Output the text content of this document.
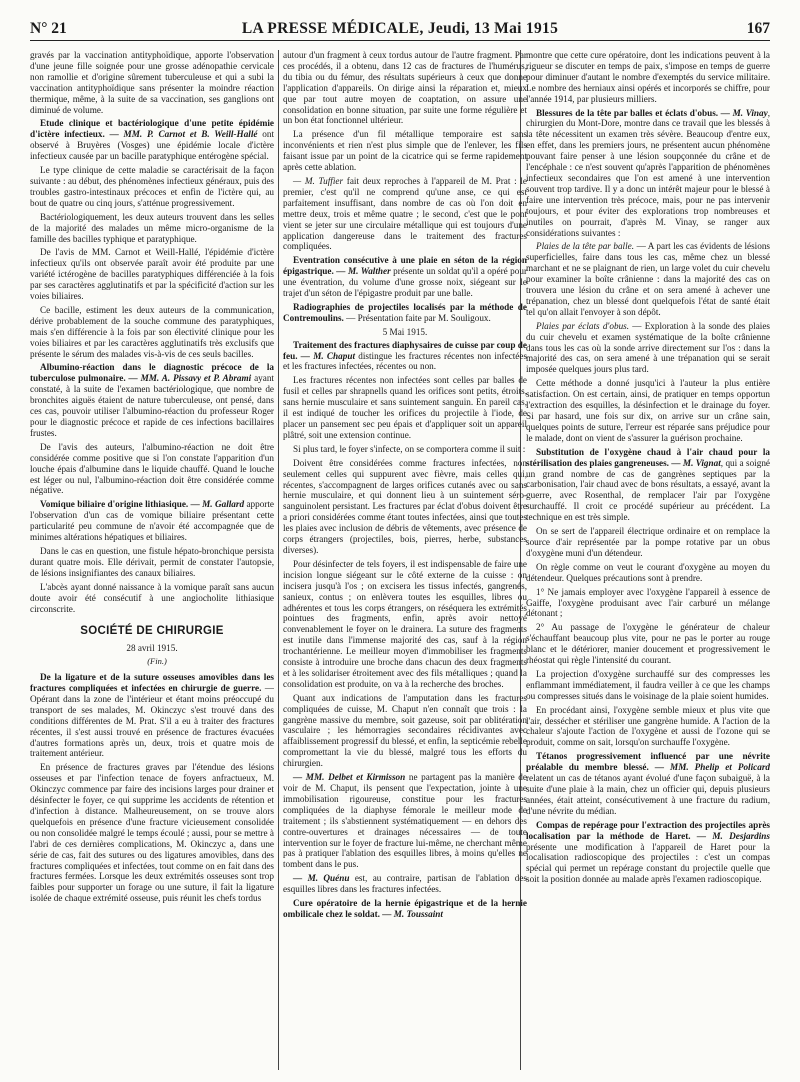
N° 21	LA PRESSE MÉDICALE, Jeudi, 13 Mai 1915	167

gravés par la vaccination antityphoïdique, apporte l'observation d'une jeune fille soignée pour une grosse adénopathie cervicale non ramollie et d'origine sûrement tuberculeuse et qui a subi la vaccination antityphoïdique sans présenter la moindre réaction thermique, même, à la suite de sa vaccination, ses ganglions ont diminué de volume.

Etude clinique et bactériologique d'une petite épidémie d'ictère infectieux. — MM. P. Carnot et B. Weill-Hallé ont observé à Bruyères (Vosges) une épidémie locale d'ictère infectieux causée par un bacille paratyphique entérogène spécial.

Le type clinique de cette maladie se caractérisait de la façon suivante : au début, des phénomènes infectieux généraux, puis des troubles gastro-intestinaux précoces et enfin de l'ictère qui, au bout de quatre ou cinq jours, s'atténue progressivement.

Bactériologiquement, les deux auteurs trouvent dans les selles de la majorité des malades un même micro-organisme de la famille des bacilles typhique et paratyphique.

De l'avis de MM. Carnot et Weill-Hallé, l'épidémie d'ictère infectieux qu'ils ont observée paraît avoir été produite par une variété ictérogène de bacilles paratyphiques différenciée à la fois par ses caractères agglutinatifs et par la spécificité d'action sur les voies biliaires.

Ce bacille, estiment les deux auteurs de la communication, dérive probablement de la souche commune des paratyphiques, mais s'en différencie à la fois par son électivité clinique pour les voies biliaires et par les caractères agglutinatifs très exclusifs que présente le sérum des malades vis-à-vis de ces seuls bacilles.

Albumino-réaction dans le diagnostic précoce de la tuberculose pulmonaire. — MM. A. Pissavy et P. Abrami ayant constaté, à la suite de l'examen bactériologique, que nombre de bronchites aiguës étaient de nature tuberculeuse, ont pensé, dans ces cas, pouvoir utiliser l'albumino-réaction du professeur Roger pour le diagnostic précoce et rapide de ces infections bacillaires frustes.

De l'avis des auteurs, l'albumino-réaction ne doit être considérée comme positive que si l'on constate l'apparition d'un louche épais d'albumine dans le liquide chauffé. Quand le louche est léger ou nul, l'albumino-réaction doit être considérée comme négative.

Vomique biliaire d'origine lithiasique. — M. Gallard apporte l'observation d'un cas de vomique biliaire présentant cette particularité peu commune de n'avoir été accompagnée que de minimes altérations hépatiques et biliaires.

Dans le cas en question, une fistule hépato-bronchique persista durant quatre mois. Elle dérivait, permit de constater l'autopsie, de lésions insignifiantes des canaux biliaires.

L'abcès ayant donné naissance à la vomique paraît sans aucun doute avoir été consécutif à une angiocholite lithiasique circonscrite.

SOCIÉTÉ DE CHIRURGIE

28 avril 1915.

(Fin.)

De la ligature et de la suture osseuses amovibles dans les fractures compliquées et infectées en chirurgie de guerre. — Opérant dans la zone de l'intérieur et étant moins préoccupé du transport de ses malades, M. Okinczyc s'est trouvé dans des conditions différentes de M. Prat. S'il a eu à traiter des fractures récentes, il s'est aussi trouvé en présence de fractures évacuées d'autres formations après un, deux, trois et quatre mois de traitement antérieur.

En présence de fractures graves par l'étendue des lésions osseuses et par l'infection tenace de foyers anfractueux, M. Okinczyc commence par faire des incisions larges pour drainer et désinfecter le foyer, ce qui supprime les accidents de rétention et d'infection à distance. Malheureusement, on se trouve alors quelquefois en présence d'une fracture vicieusement consolidée ou non consolidée malgré le temps écoulé ; aussi, pour se mettre à l'abri de ces dernières complications, M. Okinczyc a, dans une série de cas, fait des sutures ou des ligatures amovibles, dans des fractures compliquées et infectées, tout comme on en fait dans des fractures fermées. Lorsque les deux extrémités osseuses sont trop faibles pour supporter un forage ou une suture, il fait la ligature isolée de chaque extrémité osseuse, puis réunit les chefs tordus

autour d'un fragment à ceux tordus autour de l'autre fragment. Par ces procédés, il a obtenu, dans 12 cas de fractures de l'humérus, du tibia ou du fémur, des résultats supérieurs à ceux que donne l'application d'appareils. On dirige ainsi la réparation et, mieux que par tout autre moyen de coaptation, on assure une consolidation en bonne situation, par suite une forme régulière et un bon état fonctionnel ultérieur.

La présence d'un fil métallique temporaire est sans inconvénients et rien n'est plus simple que de l'enlever, les fils faisant issue par un point de la cicatrice qui se ferme rapidement après cette ablation.

— M. Tuffier fait deux reproches à l'appareil de M. Prat : le premier, c'est qu'il ne comprend qu'une anse, ce qui est parfaitement insuffisant, dans nombre de cas où l'on doit en mettre deux, trois et même quatre ; le second, c'est que le pont vient se jeter sur une circulaire métallique qui est toujours d'une application dangereuse dans le traitement des fractures compliquées.

Eventration consécutive à une plaie en séton de la région épigastrique. — M. Walther présente un soldat qu'il a opéré pour une éventration, du volume d'une grosse noix, siégeant sur le trajet d'un séton de l'épigastre produit par une balle.

Radiographies de projectiles localisés par la méthode de Contremoulins. — Présentation faite par M. Souligoux.

5 Mai 1915.

Traitement des fractures diaphysaires de cuisse par coup de feu. — M. Chaput distingue les fractures récentes non infectées et les fractures infectées, récentes ou non.

Les fractures récentes non infectées sont celles par balles de fusil et celles par shrapnells quand les orifices sont petits, étroits, sans hernie musculaire et sans suintement sanguin. En pareil cas, il est indiqué de toucher les orifices du projectile à l'iode, de placer un pansement sec peu épais et d'appliquer soit un appareil plâtré, soit une extension continue.

Si plus tard, le foyer s'infecte, on se comportera comme il suit :

Doivent être considérées comme fractures infectées, non seulement celles qui suppurent avec fièvre, mais celles qui, récentes, s'accompagnent de larges orifices cutanés avec ou sans hernie musculaire, et qui donnent lieu à un suintement séro-sanguinolent persistant. Les fractures par éclat d'obus doivent être a priori considérées comme étant toutes infectées, ainsi que toutes les plaies avec inclusion de débris de vêtements, avec présence de corps étrangers (projectiles, bois, pierres, herbe, substances diverses).

Pour désinfecter de tels foyers, il est indispensable de faire une incision longue siégeant sur le côté externe de la cuisse : on incisera jusqu'à l'os ; on excisera les tissus infectés, gangrenés, sanieux, contus ; on enlèvera toutes les esquilles, libres ou adhérentes et tous les corps étrangers, on réséquera les extrémités pointues des fragments, enfin, après avoir nettoyé convenablement le foyer on le drainera. La suture des fragments est inutile dans l'immense majorité des cas, sauf à la région trochantérienne. Le meilleur moyen d'immobiliser les fragments consiste à introduire une broche dans chacun des deux fragments et à les solidariser étroitement avec des fils métalliques ; quand la consolidation est produite, on va à la recherche des broches.

Quant aux indications de l'amputation dans les fractures compliquées de cuisse, M. Chaput n'en connaît que trois : la gangrène massive du membre, soit gazeuse, soit par oblitération vasculaire ; les hémorragies secondaires récidivantes avec affaiblissement progressif du blessé, et enfin, la septicémie rebelle compromettant la vie du blessé, malgré tous les efforts du chirurgien.

— MM. Delbet et Kirmisson ne partagent pas la manière de voir de M. Chaput, ils pensent que l'expectation, jointe à une immobilisation rigoureuse, constitue pour les fractures compliquées de la diaphyse fémorale le meilleur mode de traitement ; ils s'abstiennent systématiquement — en dehors des contre-ouvertures et drainages nécessaires — de toute intervention sur le foyer de fracture lui-même, ne cherchant même pas à pratiquer l'ablation des esquilles libres, à moins qu'elles ne tombent dans le pus.

— M. Quénu est, au contraire, partisan de l'ablation des esquilles libres dans les fractures infectées.

Cure opératoire de la hernie épigastrique et de la hernie ombilicale chez le soldat. — M. Toussaint

montre que cette cure opératoire, dont les indications peuvent à la rigueur se discuter en temps de paix, s'impose en temps de guerre pour diminuer d'autant le nombre d'exemptés du service militaire. Le nombre des herniaux ainsi opérés et incorporés se chiffre, pour l'année 1914, par plusieurs milliers.

Blessures de la tête par balles et éclats d'obus. — M. Vinay, chirurgien du Mont-Dore, montre dans ce travail que les blessés à la tête nécessitent un examen très sévère. Beaucoup d'entre eux, en effet, dans les premiers jours, ne présentent aucun phénomène pouvant faire penser à une lésion soupçonnée du crâne et de l'encéphale : ce n'est souvent qu'après l'apparition de phénomènes infectieux secondaires que l'on est amené à une intervention souvent trop tardive. Il y a donc un intérêt majeur pour le blessé à faire une intervention très précoce, mais, pour ne pas intervenir toujours, et pour éviter des explorations trop nombreuses et inutiles on pourrait, d'après M. Vinay, se ranger aux considérations suivantes :

Plaies de la tête par balle. — A part les cas évidents de lésions superficielles, faire dans tous les cas, même chez un blessé marchant et ne se plaignant de rien, un large volet du cuir chevelu pour examiner la boîte crânienne : dans la majorité des cas on trouvera une lésion du crâne et on sera amené à achever une trépanation, chez un blessé dont quelquefois l'état de santé était tel qu'on allait l'envoyer à son dépôt.

Plaies par éclats d'obus. — Exploration à la sonde des plaies du cuir chevelu et examen systématique de la boîte crânienne dans tous les cas où la sonde arrive directement sur l'os : dans la majorité des cas, on sera amené à une trépanation qui se serait imposée quelques jours plus tard.

Cette méthode a donné jusqu'ici à l'auteur la plus entière satisfaction. On est certain, ainsi, de pratiquer en temps opportun l'extraction des esquilles, la désinfection et le drainage du foyer. Si par hasard, une fois sur dix, on arrive sur un crâne sain, quelques points de suture, l'erreur est réparée sans préjudice pour le malade, dont on vient de s'assurer la guérison prochaine.

Substitution de l'oxygène chaud à l'air chaud pour la stérilisation des plaies gangreneuses. — M. Vignat, qui a soigné un grand nombre de cas de gangrènes septiques par la carbonisation, l'air chaud avec de bons résultats, a essayé, avant la guerre, avec Rosenthal, de remplacer l'air par l'oxygène surchauffé. Il croit ce procédé supérieur au précédent. La technique en est très simple.

On se sert de l'appareil électrique ordinaire et on remplace la source d'air représentée par la pompe rotative par un obus d'oxygène muni d'un détendeur.

On règle comme on veut le courant d'oxygène au moyen du détendeur. Quelques précautions sont à prendre.

1° Ne jamais employer avec l'oxygène l'appareil à essence de Gaiffe, l'oxygène produisant avec l'air carburé un mélange détonant ;

2° Au passage de l'oxygène le générateur de chaleur s'échauffant beaucoup plus vite, pour ne pas le porter au rouge blanc et le détériorer, manier doucement et progressivement le rhéostat qui règle l'intensité du courant.

La projection d'oxygène surchauffé sur des compresses les enflammant immédiatement, il faudra veiller à ce que les champs ou compresses situés dans le voisinage de la plaie soient humides.

En procédant ainsi, l'oxygène semble mieux et plus vite que l'air, dessécher et stériliser une gangrène humide. A l'action de la chaleur s'ajoute l'action de l'oxygène et aussi de l'ozone qui se produit, comme on sait, lorsqu'on surchauffe l'oxygène.

Tétanos progressivement influencé par une névrite préalable du membre blessé. — MM. Phelip et Policard relatent un cas de tétanos ayant évolué d'une façon subaiguë, à la suite d'une plaie à la main, chez un officier qui, depuis plusieurs années, était atteint, consécutivement à une fracture du radium, d'une névrite du médian.

Compas de repérage pour l'extraction des projectiles après localisation par la méthode de Haret. — M. Desjardins présente une modification à l'appareil de Haret pour la localisation radioscopique des projectiles : c'est un compas spécial qui permet un repérage constant du projectile quelle que soit la position donnée au malade après l'examen radioscopique.
